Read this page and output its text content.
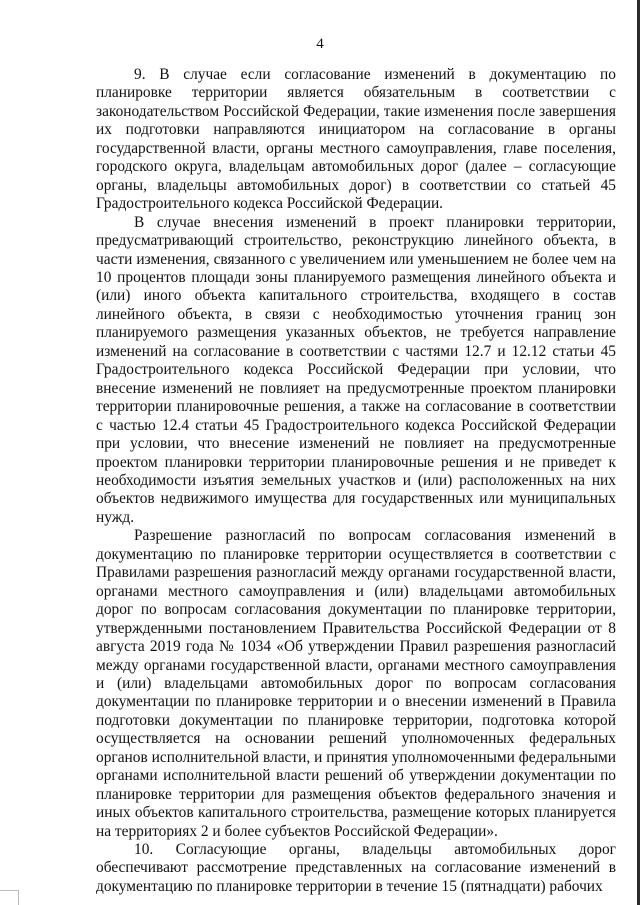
4

9. В случае если согласование изменений в документацию по планировке территории является обязательным в соответствии с законодательством Российской Федерации, такие изменения после завершения их подготовки направляются инициатором на согласование в органы государственной власти, органы местного самоуправления, главе поселения, городского округа, владельцам автомобильных дорог (далее – согласующие органы, владельцы автомобильных дорог) в соответствии со статьей 45 Градостроительного кодекса Российской Федерации.

В случае внесения изменений в проект планировки территории, предусматривающий строительство, реконструкцию линейного объекта, в части изменения, связанного с увеличением или уменьшением не более чем на 10 процентов площади зоны планируемого размещения линейного объекта и (или) иного объекта капитального строительства, входящего в состав линейного объекта, в связи с необходимостью уточнения границ зон планируемого размещения указанных объектов, не требуется направление изменений на согласование в соответствии с частями 12.7 и 12.12 статьи 45 Градостроительного кодекса Российской Федерации при условии, что внесение изменений не повлияет на предусмотренные проектом планировки территории планировочные решения, а также на согласование в соответствии с частью 12.4 статьи 45 Градостроительного кодекса Российской Федерации при условии, что внесение изменений не повлияет на предусмотренные проектом планировки территории планировочные решения и не приведет к необходимости изъятия земельных участков и (или) расположенных на них объектов недвижимого имущества для государственных или муниципальных нужд.

Разрешение разногласий по вопросам согласования изменений в документацию по планировке территории осуществляется в соответствии с Правилами разрешения разногласий между органами государственной власти, органами местного самоуправления и (или) владельцами автомобильных дорог по вопросам согласования документации по планировке территории, утвержденными постановлением Правительства Российской Федерации от 8 августа 2019 года № 1034 «Об утверждении Правил разрешения разногласий между органами государственной власти, органами местного самоуправления и (или) владельцами автомобильных дорог по вопросам согласования документации по планировке территории и о внесении изменений в Правила подготовки документации по планировке территории, подготовка которой осуществляется на основании решений уполномоченных федеральных органов исполнительной власти, и принятия уполномоченными федеральными органами исполнительной власти решений об утверждении документации по планировке территории для размещения объектов федерального значения и иных объектов капитального строительства, размещение которых планируется на территориях 2 и более субъектов Российской Федерации».

10. Согласующие органы, владельцы автомобильных дорог обеспечивают рассмотрение представленных на согласование изменений в документацию по планировке территории в течение 15 (пятнадцати) рабочих
